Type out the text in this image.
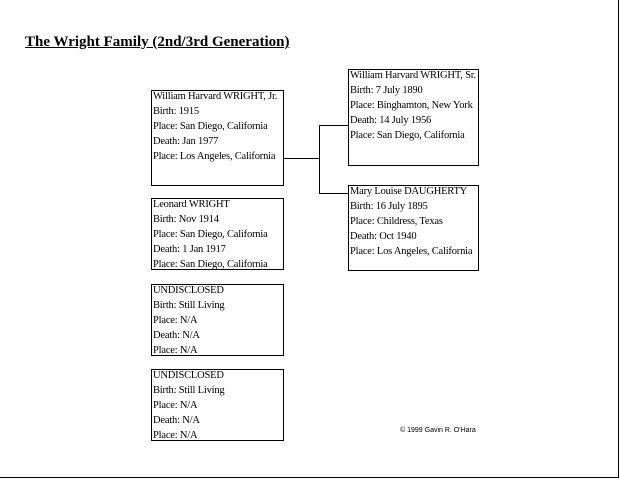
The Wright Family (2nd/3rd Generation)
William Harvard WRIGHT, Jr.
Birth: 1915
Place: San Diego, California
Death: Jan 1977
Place: Los Angeles, California
Leonard WRIGHT
Birth: Nov 1914
Place: San Diego, California
Death: 1 Jan 1917
Place: San Diego, California
UNDISCLOSED
Birth: Still Living
Place: N/A
Death: N/A
Place: N/A
UNDISCLOSED
Birth: Still Living
Place: N/A
Death: N/A
Place: N/A
William Harvard WRIGHT, Sr.
Birth: 7 July 1890
Place: Binghamton, New York
Death: 14 July 1956
Place: San Diego, California
Mary Louise DAUGHERTY
Birth: 16 July 1895
Place: Childress, Texas
Death: Oct 1940
Place: Los Angeles, California
© 1999 Gavin R. O'Hara
